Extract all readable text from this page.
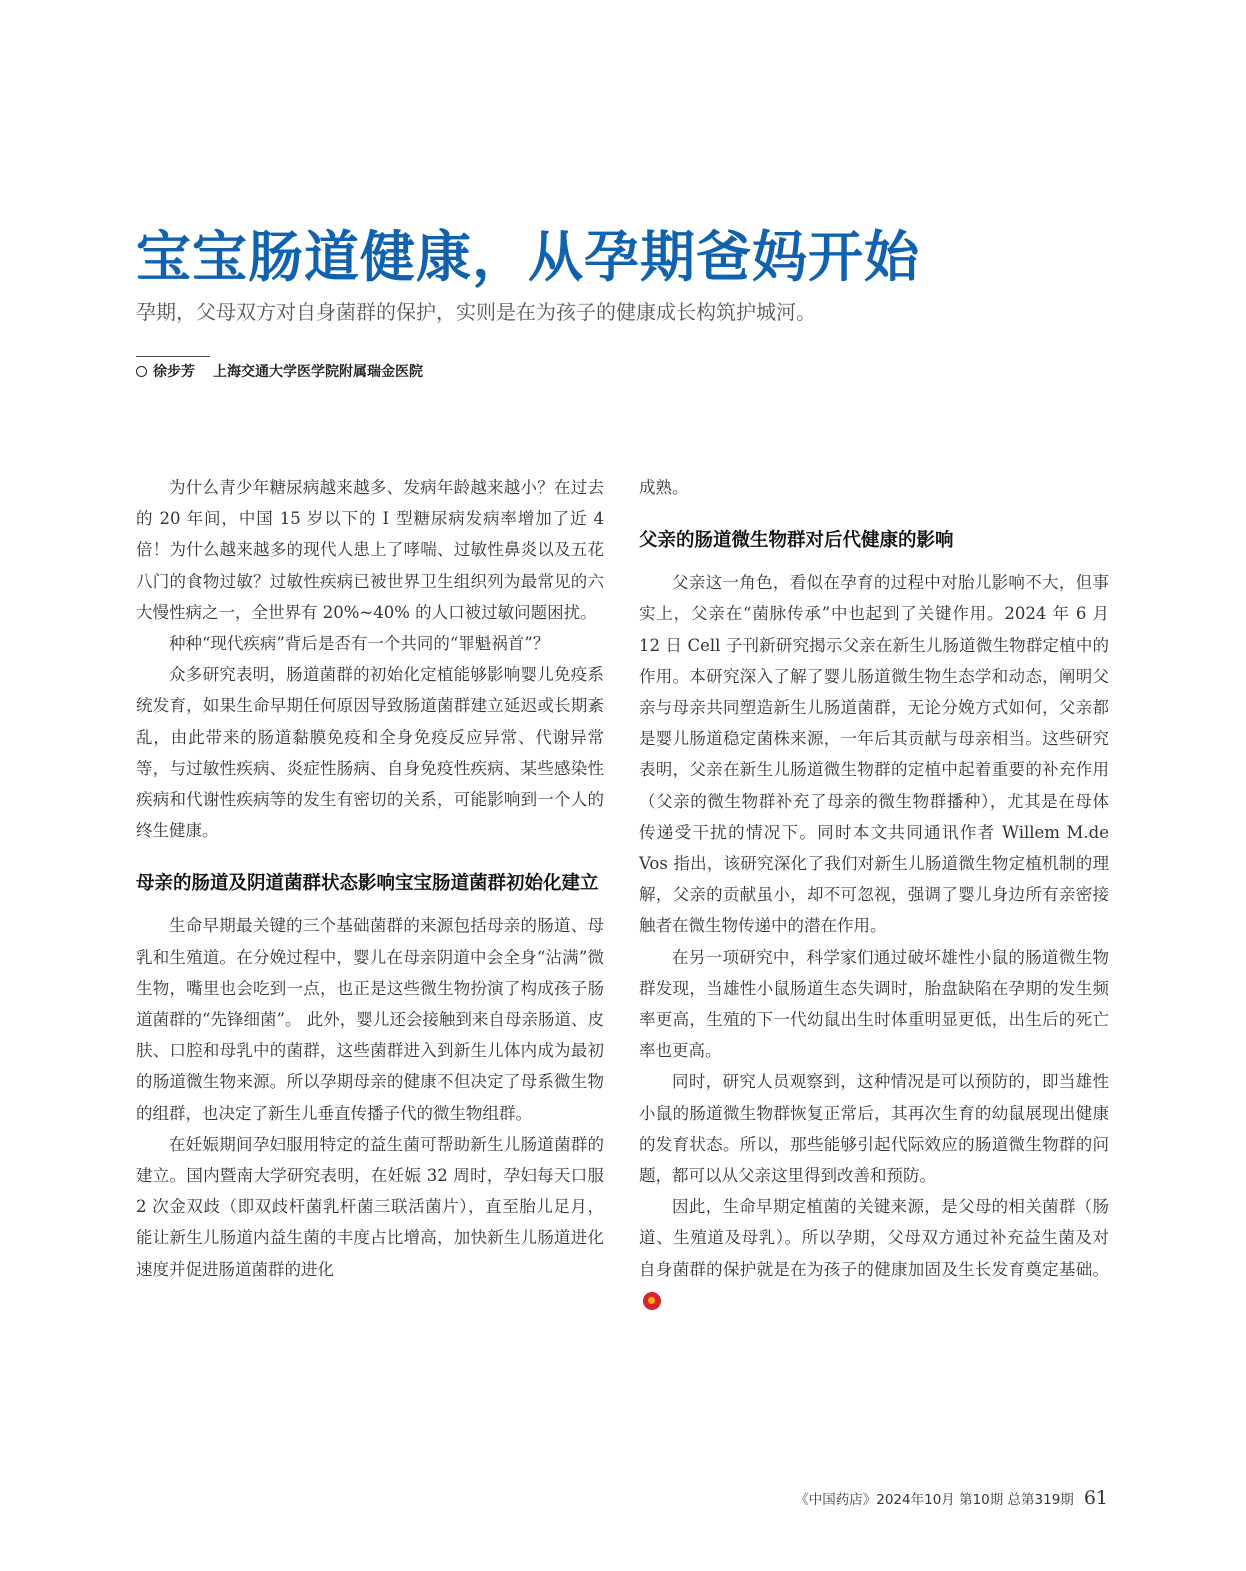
宝宝肠道健康，从孕期爸妈开始

孕期，父母双方对自身菌群的保护，实则是在为孩子的健康成长构筑护城河。

徐步芳 上海交通大学医学院附属瑞金医院

为什么青少年糖尿病越来越多、发病年龄越来越小？在过去的 20 年间，中国 15 岁以下的 Ⅰ 型糖尿病发病率增加了近 4 倍！为什么越来越多的现代人患上了哮喘、过敏性鼻炎以及五花八门的食物过敏？过敏性疾病已被世界卫生组织列为最常见的六大慢性病之一，全世界有 20%~40% 的人口被过敏问题困扰。

种种“现代疾病”背后是否有一个共同的“罪魁祸首”？

众多研究表明，肠道菌群的初始化定植能够影响婴儿免疫系统发育，如果生命早期任何原因导致肠道菌群建立延迟或长期紊乱，由此带来的肠道黏膜免疫和全身免疫反应异常、代谢异常等，与过敏性疾病、炎症性肠病、自身免疫性疾病、某些感染性疾病和代谢性疾病等的发生有密切的关系，可能影响到一个人的终生健康。

母亲的肠道及阴道菌群状态影响宝宝肠道菌群初始化建立

生命早期最关键的三个基础菌群的来源包括母亲的肠道、母乳和生殖道。在分娩过程中，婴儿在母亲阴道中会全身“沾满”微生物，嘴里也会吃到一点，也正是这些微生物扮演了构成孩子肠道菌群的“先锋细菌”。 此外，婴儿还会接触到来自母亲肠道、皮肤、口腔和母乳中的菌群，这些菌群进入到新生儿体内成为最初的肠道微生物来源。所以孕期母亲的健康不但决定了母系微生物的组群，也决定了新生儿垂直传播子代的微生物组群。

在妊娠期间孕妇服用特定的益生菌可帮助新生儿肠道菌群的建立。国内暨南大学研究表明，在妊娠 32 周时，孕妇每天口服 2 次金双歧（即双歧杆菌乳杆菌三联活菌片），直至胎儿足月，能让新生儿肠道内益生菌的丰度占比增高，加快新生儿肠道进化速度并促进肠道菌群的进化

成熟。

父亲的肠道微生物群对后代健康的影响

父亲这一角色，看似在孕育的过程中对胎儿影响不大，但事实上，父亲在“菌脉传承”中也起到了关键作用。2024 年 6 月 12 日 Cell 子刊新研究揭示父亲在新生儿肠道微生物群定植中的作用。本研究深入了解了婴儿肠道微生物生态学和动态，阐明父亲与母亲共同塑造新生儿肠道菌群，无论分娩方式如何，父亲都是婴儿肠道稳定菌株来源，一年后其贡献与母亲相当。这些研究表明，父亲在新生儿肠道微生物群的定植中起着重要的补充作用（父亲的微生物群补充了母亲的微生物群播种），尤其是在母体传递受干扰的情况下。同时本文共同通讯作者 Willem M.de Vos 指出，该研究深化了我们对新生儿肠道微生物定植机制的理解，父亲的贡献虽小，却不可忽视，强调了婴儿身边所有亲密接触者在微生物传递中的潜在作用。

在另一项研究中，科学家们通过破坏雄性小鼠的肠道微生物群发现，当雄性小鼠肠道生态失调时，胎盘缺陷在孕期的发生频率更高，生殖的下一代幼鼠出生时体重明显更低，出生后的死亡率也更高。

同时，研究人员观察到，这种情况是可以预防的，即当雄性小鼠的肠道微生物群恢复正常后，其再次生育的幼鼠展现出健康的发育状态。所以，那些能够引起代际效应的肠道微生物群的问题，都可以从父亲这里得到改善和预防。

因此，生命早期定植菌的关键来源，是父母的相关菌群（肠道、生殖道及母乳）。所以孕期，父母双方通过补充益生菌及对自身菌群的保护就是在为孩子的健康加固及生长发育奠定基础。

《中国药店》2024年10月 第10期 总第319期 61
